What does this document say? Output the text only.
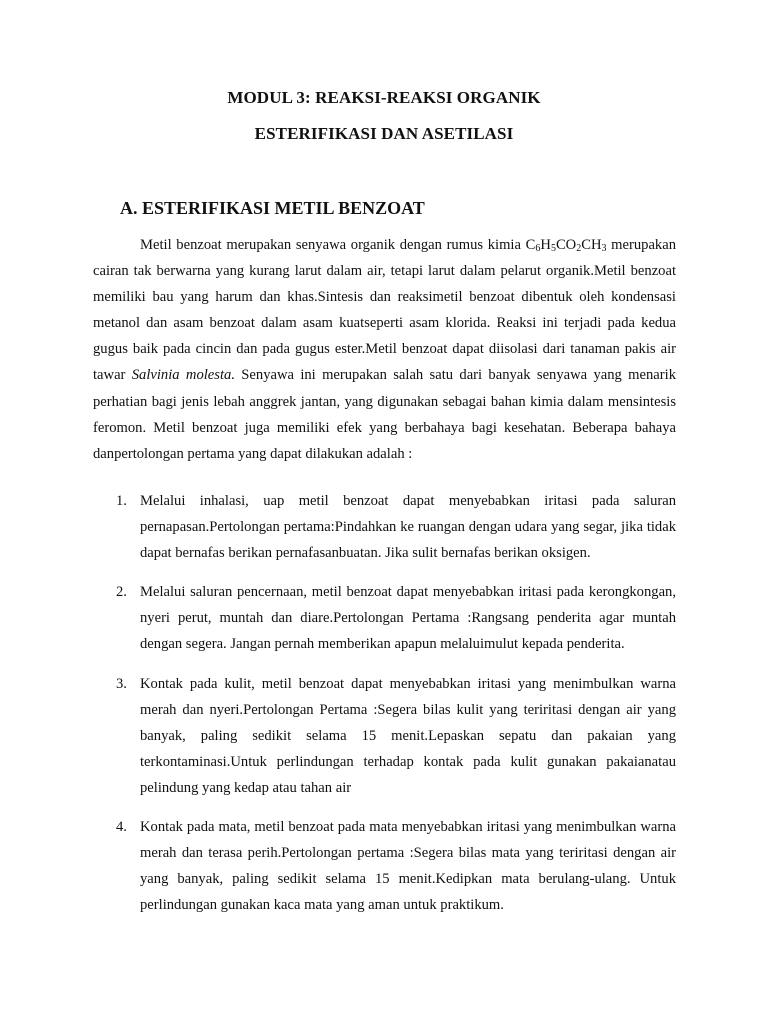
MODUL 3: REAKSI-REAKSI ORGANIK
ESTERIFIKASI DAN ASETILASI
A. ESTERIFIKASI METIL BENZOAT

Metil benzoat merupakan senyawa organik dengan rumus kimia $C_6H_5CO_2CH_3$ merupakan cairan tak berwarna yang kurang larut dalam air, tetapi larut dalam pelarut organik.Metil benzoat memiliki bau yang harum dan khas.Sintesis dan reaksimetil benzoat dibentuk oleh kondensasi metanol dan asam benzoat dalam asam kuatseperti asam klorida. Reaksi ini terjadi pada kedua gugus baik pada cincin dan pada gugus ester.Metil benzoat dapat diisolasi dari tanaman pakis air tawar Salvinia molesta. Senyawa ini merupakan salah satu dari banyak senyawa yang menarik perhatian bagi jenis lebah anggrek jantan, yang digunakan sebagai bahan kimia dalam mensintesis feromon. Metil benzoat juga memiliki efek yang berbahaya bagi kesehatan. Beberapa bahaya danpertolongan pertama yang dapat dilakukan adalah :

1. Melalui inhalasi, uap metil benzoat dapat menyebabkan iritasi pada saluran pernapasan.Pertolongan pertama:Pindahkan ke ruangan dengan udara yang segar, jika tidak dapat bernafas berikan pernafasanbuatan. Jika sulit bernafas berikan oksigen.
2. Melalui saluran pencernaan, metil benzoat dapat menyebabkan iritasi pada kerongkongan, nyeri perut, muntah dan diare.Pertolongan Pertama :Rangsang penderita agar muntah dengan segera. Jangan pernah memberikan apapun melaluimulut kepada penderita.
3. Kontak pada kulit, metil benzoat dapat menyebabkan iritasi yang menimbulkan warna merah dan nyeri.Pertolongan Pertama :Segera bilas kulit yang teriritasi dengan air yang banyak, paling sedikit selama 15 menit.Lepaskan sepatu dan pakaian yang terkontaminasi.Untuk perlindungan terhadap kontak pada kulit gunakan pakaianatau pelindung yang kedap atau tahan air
4. Kontak pada mata, metil benzoat pada mata menyebabkan iritasi yang menimbulkan warna merah dan terasa perih.Pertolongan pertama :Segera bilas mata yang teriritasi dengan air yang banyak, paling sedikit selama 15 menit.Kedipkan mata berulang-ulang. Untuk perlindungan gunakan kaca mata yang aman untuk praktikum.
